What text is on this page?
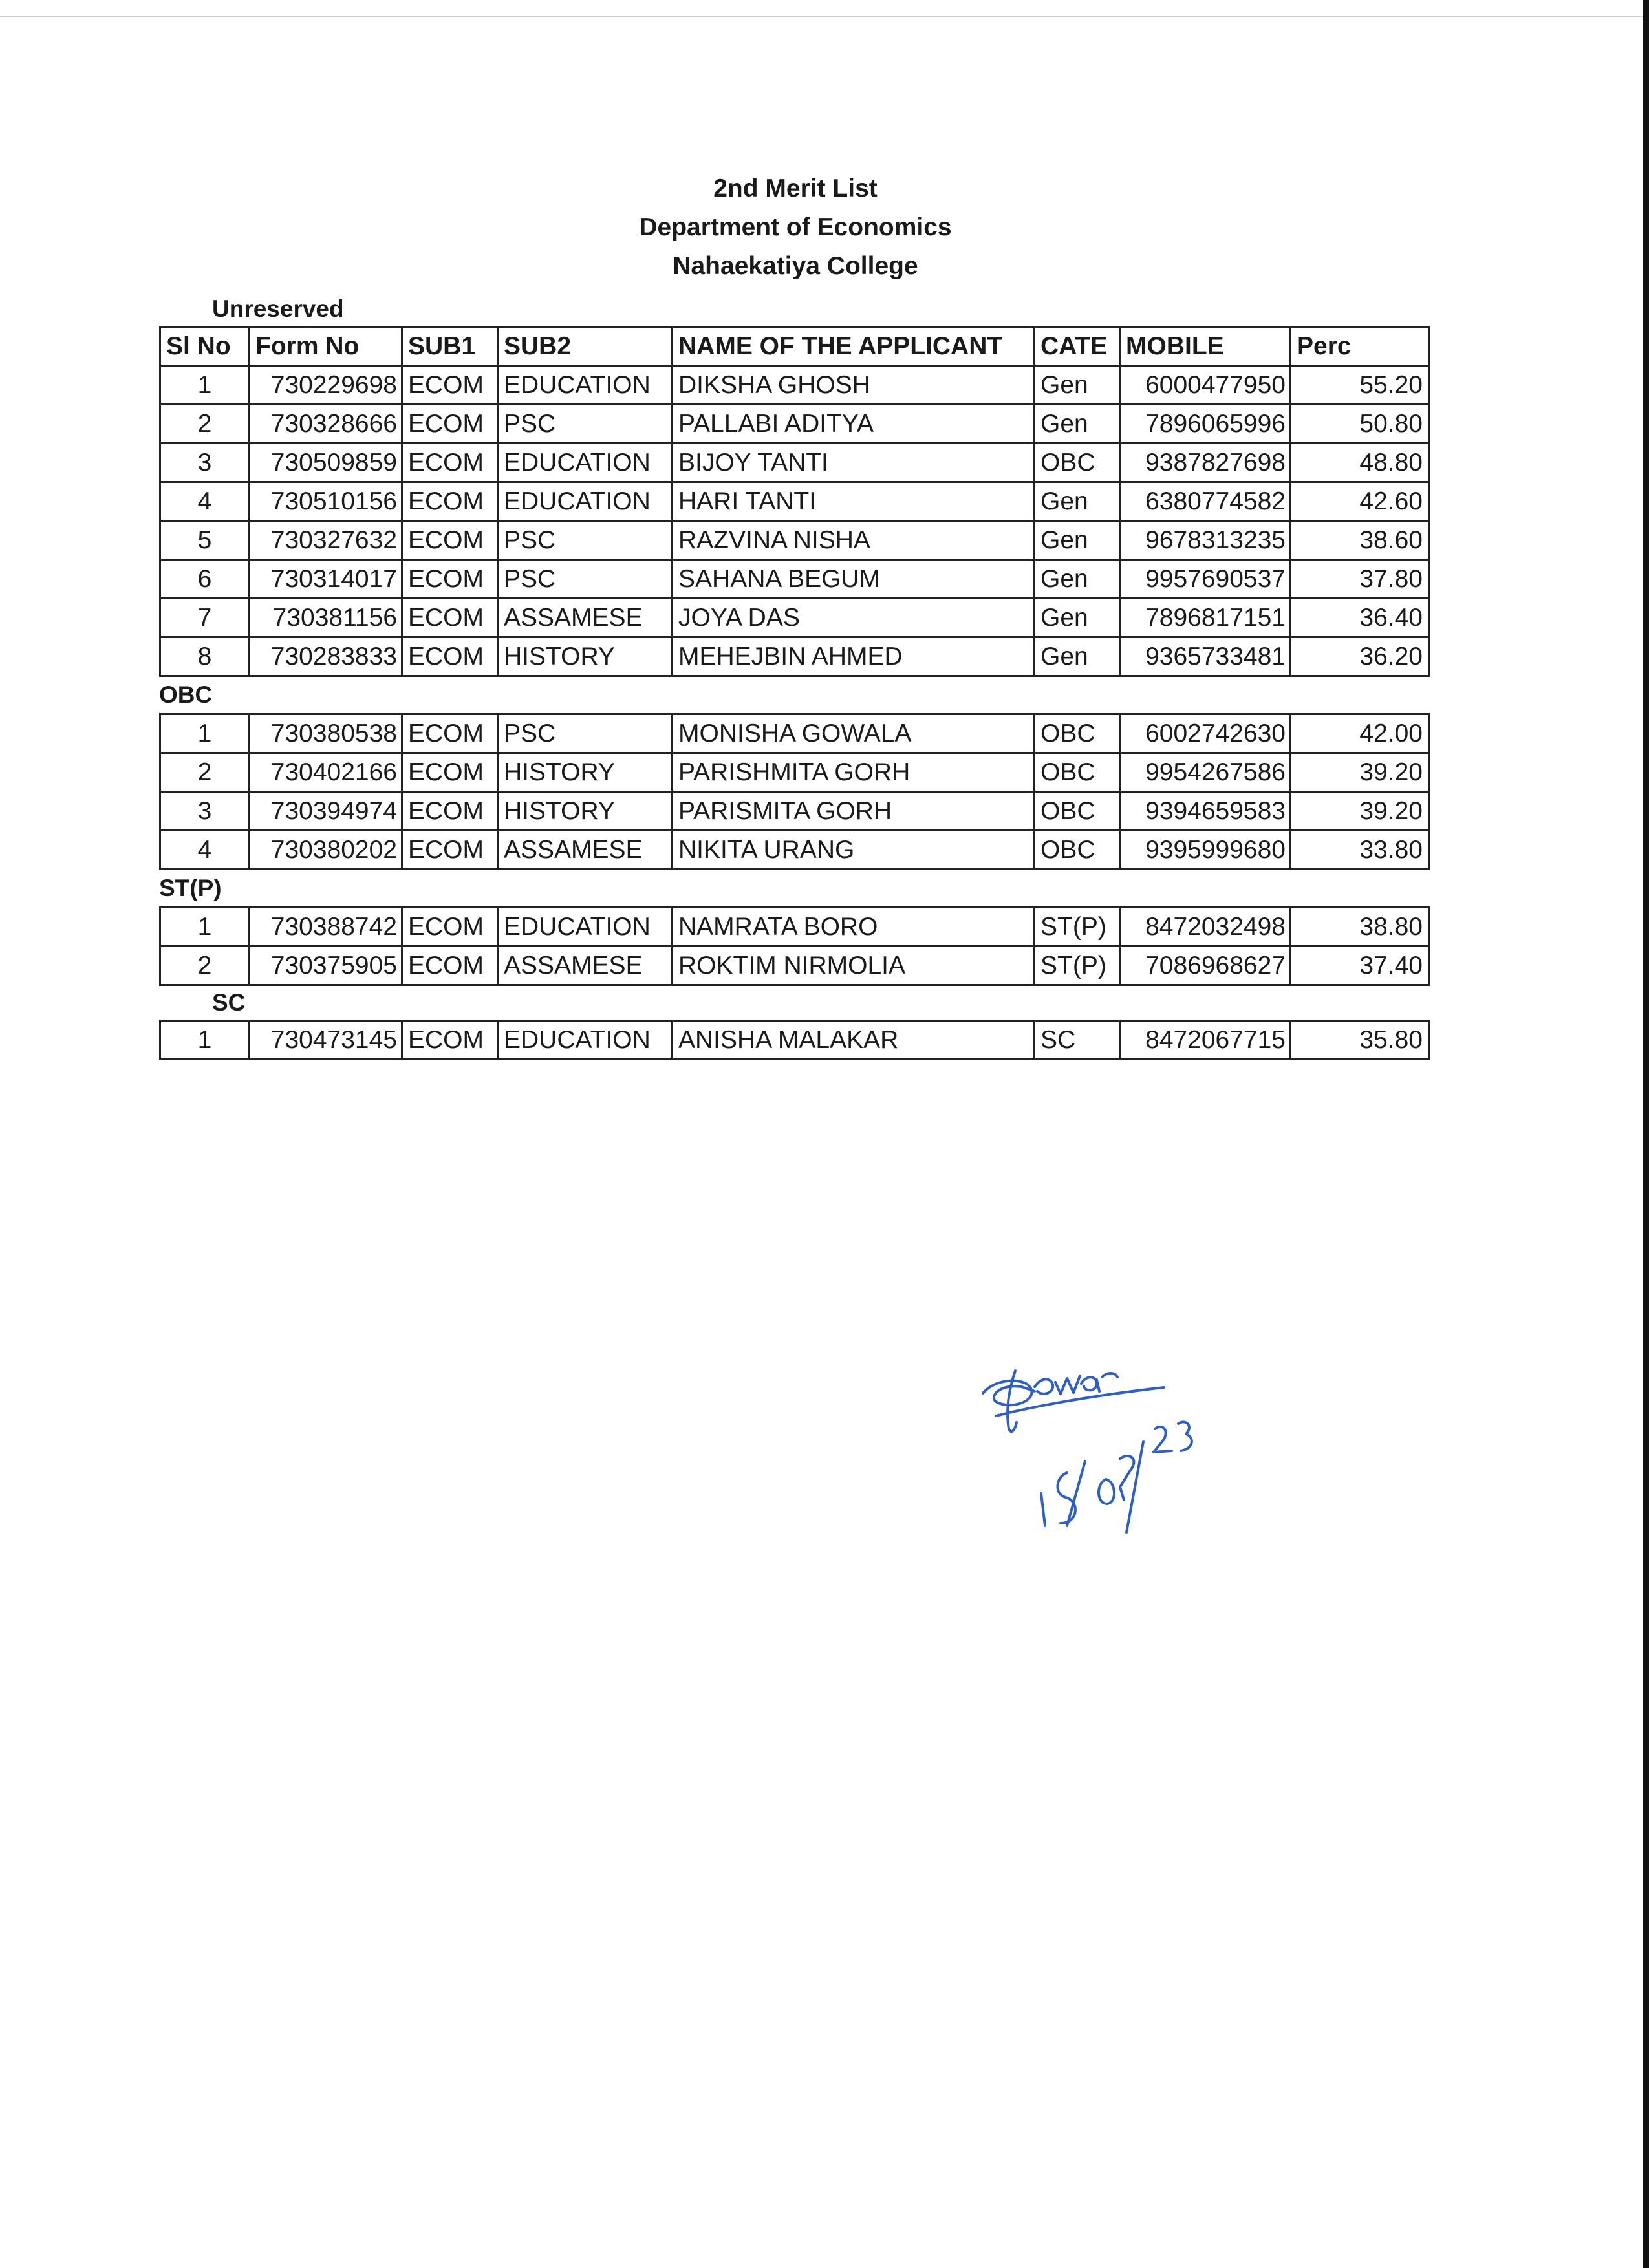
2nd Merit List
Department of Economics
Nahaekatiya College
Unreserved
Sl No	Form No	SUB1	SUB2	NAME OF THE APPLICANT	CATE	MOBILE	Perc
1	730229698	ECOM	EDUCATION	DIKSHA GHOSH	Gen	6000477950	55.20
2	730328666	ECOM	PSC	PALLABI ADITYA	Gen	7896065996	50.80
3	730509859	ECOM	EDUCATION	BIJOY TANTI	OBC	9387827698	48.80
4	730510156	ECOM	EDUCATION	HARI TANTI	Gen	6380774582	42.60
5	730327632	ECOM	PSC	RAZVINA NISHA	Gen	9678313235	38.60
6	730314017	ECOM	PSC	SAHANA BEGUM	Gen	9957690537	37.80
7	730381156	ECOM	ASSAMESE	JOYA DAS	Gen	7896817151	36.40
8	730283833	ECOM	HISTORY	MEHEJBIN AHMED	Gen	9365733481	36.20
OBC
1	730380538	ECOM	PSC	MONISHA GOWALA	OBC	6002742630	42.00
2	730402166	ECOM	HISTORY	PARISHMITA GORH	OBC	9954267586	39.20
3	730394974	ECOM	HISTORY	PARISMITA GORH	OBC	9394659583	39.20
4	730380202	ECOM	ASSAMESE	NIKITA URANG	OBC	9395999680	33.80
ST(P)
1	730388742	ECOM	EDUCATION	NAMRATA BORO	ST(P)	8472032498	38.80
2	730375905	ECOM	ASSAMESE	ROKTIM NIRMOLIA	ST(P)	7086968627	37.40
SC
1	730473145	ECOM	EDUCATION	ANISHA MALAKAR	SC	8472067715	35.80
